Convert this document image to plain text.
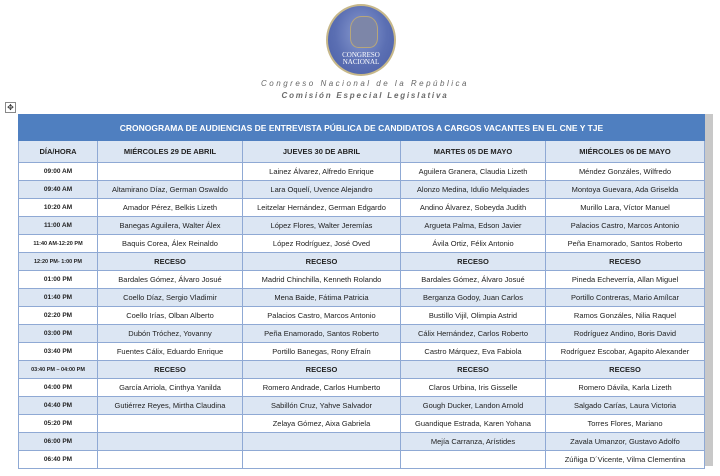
CONGRESO
NACIONAL
Congreso Nacional de la República
Comisión Especial Legislativa
✥
CRONOGRAMA DE AUDIENCIAS DE ENTREVISTA PÚBLICA DE CANDIDATOS A CARGOS VACANTES EN EL CNE Y TJE				
DÍA/HORA	MIÉRCOLES 29 DE ABRIL	JUEVES 30 DE ABRIL	MARTES 05 DE MAYO	MIÉRCOLES 06 DE MAYO
09:00 AM		Lainez Álvarez, Alfredo Enrique	Aguilera Granera, Claudia Lizeth	Méndez Gonzáles, Wilfredo
09:40 AM	Altamirano Díaz, German Oswaldo	Lara Oquelí, Uvence Alejandro	Alonzo Medina, Idulio Melquiades	Montoya Guevara, Ada Griselda
10:20 AM	Amador Pérez, Belkis Lizeth	Leitzelar Hernández, German Edgardo	Andino Álvarez, Sobeyda Judith	Murillo Lara, Víctor Manuel
11:00 AM	Banegas Aguilera, Walter Álex	López Flores, Walter Jeremías	Argueta Palma, Edson Javier	Palacios Castro, Marcos Antonio
11:40 AM-12:20 PM	Baquis Corea, Álex Reinaldo	López Rodríguez, José Oved	Ávila Ortiz, Félix Antonio	Peña Enamorado, Santos Roberto
12:20 PM- 1:00 PM	RECESO	RECESO	RECESO	RECESO
01:00 PM	Bardales Gómez, Álvaro Josué	Madrid Chinchilla, Kenneth Rolando	Bardales Gómez, Álvaro Josué	Pineda Echeverría, Allan Miguel
01:40 PM	Coello Díaz, Sergio Vladimir	Mena Baide, Fátima Patricia	Berganza Godoy, Juan Carlos	Portillo Contreras, Mario Amílcar
02:20 PM	Coello Irías, Olban Alberto	Palacios Castro, Marcos Antonio	Bustillo Vijil, Olimpia Astrid	Ramos Gonzáles, Nilia Raquel
03:00 PM	Dubón Tróchez, Yovanny	Peña Enamorado, Santos Roberto	Cálix Hernández, Carlos Roberto	Rodríguez Andino, Boris David
03:40 PM	Fuentes Cálix, Eduardo Enrique	Portillo Banegas, Rony Efraín	Castro Márquez, Eva Fabiola	Rodríguez Escobar, Agapito Alexander
03:40 PM – 04:00 PM	RECESO	RECESO	RECESO	RECESO
04:00 PM	García Arriola, Cinthya Yanilda	Romero Andrade, Carlos Humberto	Claros Urbina, Iris Gisselle	Romero Dávila, Karla Lizeth
04:40 PM	Gutiérrez Reyes, Mirtha Claudina	Sabillón Cruz, Yahve Salvador	Gough Ducker, Landon Arnold	Salgado Carías, Laura Victoria
05:20 PM		Zelaya Gómez, Aixa Gabriela	Guandique Estrada, Karen Yohana	Torres Flores, Mariano
06:00 PM			Mejía Carranza, Arístides	Zavala Umanzor, Gustavo Adolfo
06:40 PM				Zúñiga D´Vicente, Vilma Clementina
